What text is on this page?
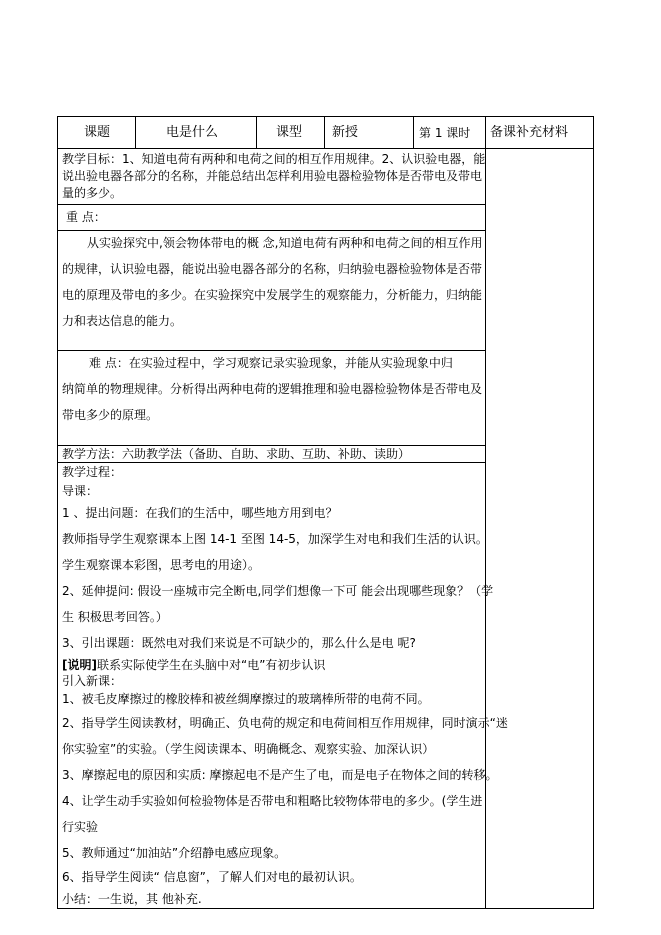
课题	电是什么	课型 新授	第 1 课时 备课补充材料
教学目标：1、知道电荷有两种和电荷之间的相互作用规律。2、认识验电器，能
说出验电器各部分的名称，并能总结出怎样利用验电器检验物体是否带电及带电
量的多少。
重 点：
从实验探究中,领会物体带电的概 念,知道电荷有两种和电荷之间的相互作用
的规律，认识验电器，能说出验电器各部分的名称，归纳验电器检验物体是否带
电的原理及带电的多少。在实验探究中发展学生的观察能力，分析能力，归纳能
力和表达信息的能力。
难 点：在实验过程中，学习观察记录实验现象，并能从实验现象中归
纳简单的物理规律。分析得出两种电荷的逻辑推理和验电器检验物体是否带电及
带电多少的原理。
教学方法：六助教学法（备助、自助、求助、互助、补助、读助）
教学过程：
导课：
1 、提出问题：在我们的生活中，哪些地方用到电？
教师指导学生观察课本上图 14-1 至图 14-5，加深学生对电和我们生活的认识。
学生观察课本彩图，思考电的用途）。
2、延伸提问: 假设一座城市完全断电,同学们想像一下可 能会出现哪些现象？（学
生 积极思考回答。）
3、引出课题：既然电对我们来说是不可缺少的，那么什么是电 呢?
[说明]联系实际使学生在头脑中对“电”有初步认识
引入新课：
1、被毛皮摩擦过的橡胶棒和被丝绸摩擦过的玻璃棒所带的电荷不同。
2、指导学生阅读教材，明确正、负电荷的规定和电荷间相互作用规律，同时演示“迷
你实验室”的实验。（学生阅读课本、明确概念、观察实验、加深认识）
3、摩擦起电的原因和实质: 摩擦起电不是产生了电，而是电子在物体之间的转移。
4、让学生动手实验如何检验物体是否带电和粗略比较物体带电的多少。(学生进
行实验
5、教师通过“加油站”介绍静电感应现象。
6、指导学生阅读“ 信息窗”，了解人们对电的最初认识。
小结：一生说，其 他补充.
